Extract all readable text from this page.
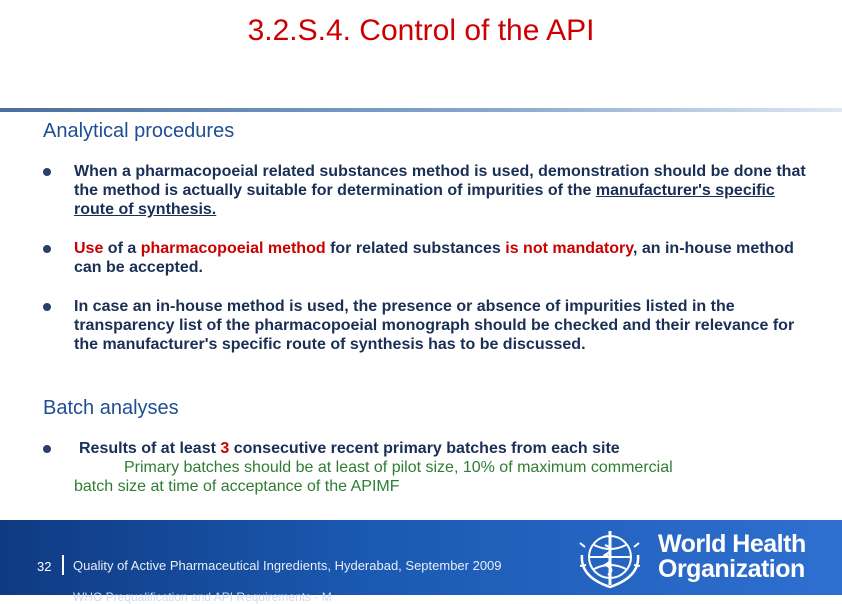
3.2.S.4. Control of the API
Analytical procedures
When a pharmacopoeial related substances method is used, demonstration should be done that the method is actually suitable for determination of impurities of the manufacturer's specific route of synthesis.
Use of a pharmacopoeial method for related substances is not mandatory, an in-house method can be accepted.
In case an in-house method is used, the presence or absence of impurities listed in the transparency list of the pharmacopoeial monograph should be checked and their relevance for the manufacturer's specific route of synthesis has to be discussed.
Batch analyses
Results of at least 3 consecutive recent primary batches from each site
Primary batches should be at least of pilot size, 10% of maximum commercial
batch size at time of acceptance of the APIMF
32 Quality of Active Pharmaceutical Ingredients, Hyderabad, September 2009
WHO Prequalification and API Requirements - M
World Health
Organization
